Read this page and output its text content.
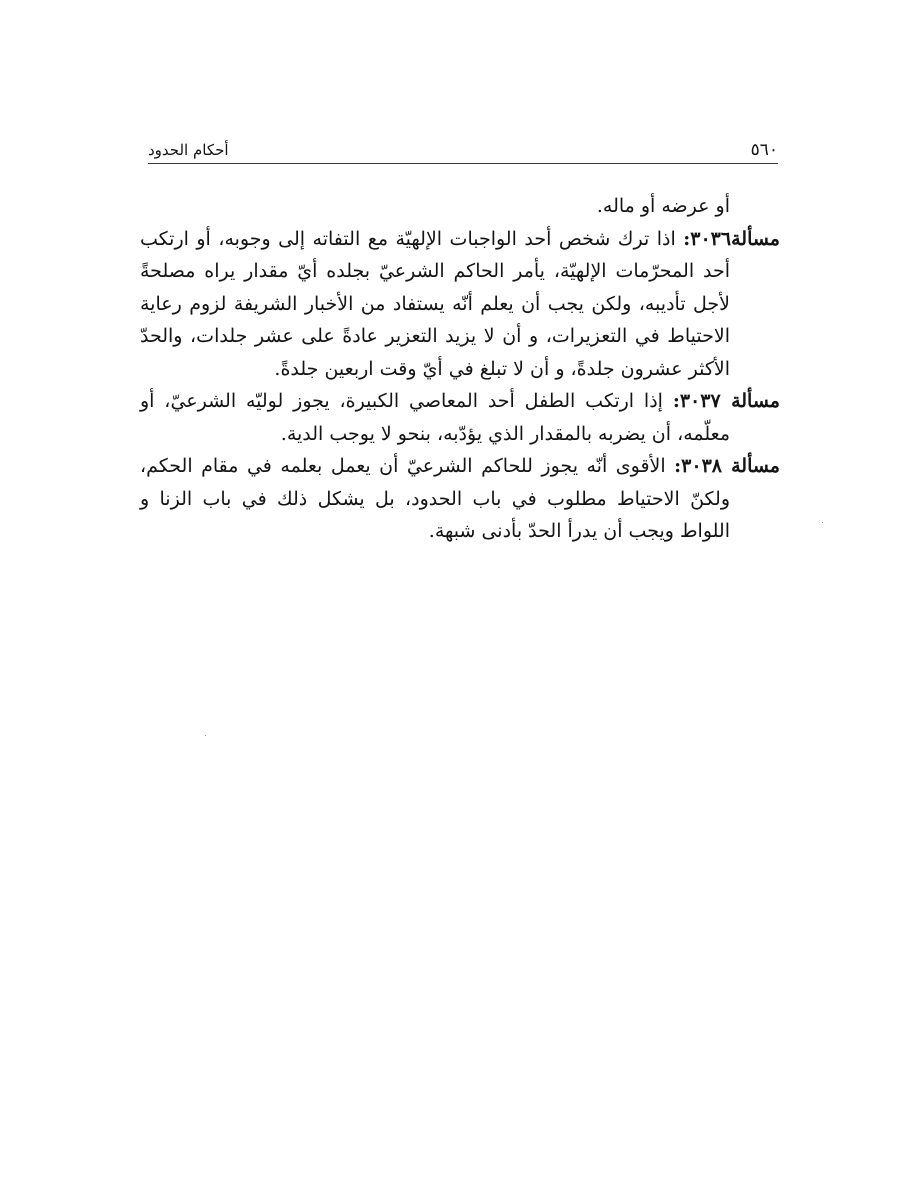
٥٦٠
أحكام الحدود

أو عرضه أو ماله.

مسألة٣٠٣٦: اذا ترك شخص أحد الواجبات الإلهيّة مع التفاته إلى وجوبه، أو ارتكب أحد المحرّمات الإلهيّة، يأمر الحاكم الشرعيّ بجلده أيّ مقدار يراه مصلحةً لأجل تأديبه، ولكن يجب أن يعلم أنّه يستفاد من الأخبار الشريفة لزوم رعاية الاحتياط في التعزيرات، و أن لا يزيد التعزير عادةً على عشر جلدات، والحدّ الأكثر عشرون جلدةً، و أن لا تبلغ في أيّ وقت اربعين جلدةً.

مسألة ٣٠٣٧: إذا ارتكب الطفل أحد المعاصي الكبيرة، يجوز لوليّه الشرعيّ، أو معلّمه، أن يضربه بالمقدار الذي يؤدّبه، بنحو لا يوجب الدية.

مسألة ٣٠٣٨: الأقوى أنّه يجوز للحاكم الشرعيّ أن يعمل بعلمه في مقام الحكم، ولكنّ الاحتياط مطلوب في باب الحدود، بل يشكل ذلك في باب الزنا و اللواط ويجب أن يدرأ الحدّ بأدنى شبهة.
